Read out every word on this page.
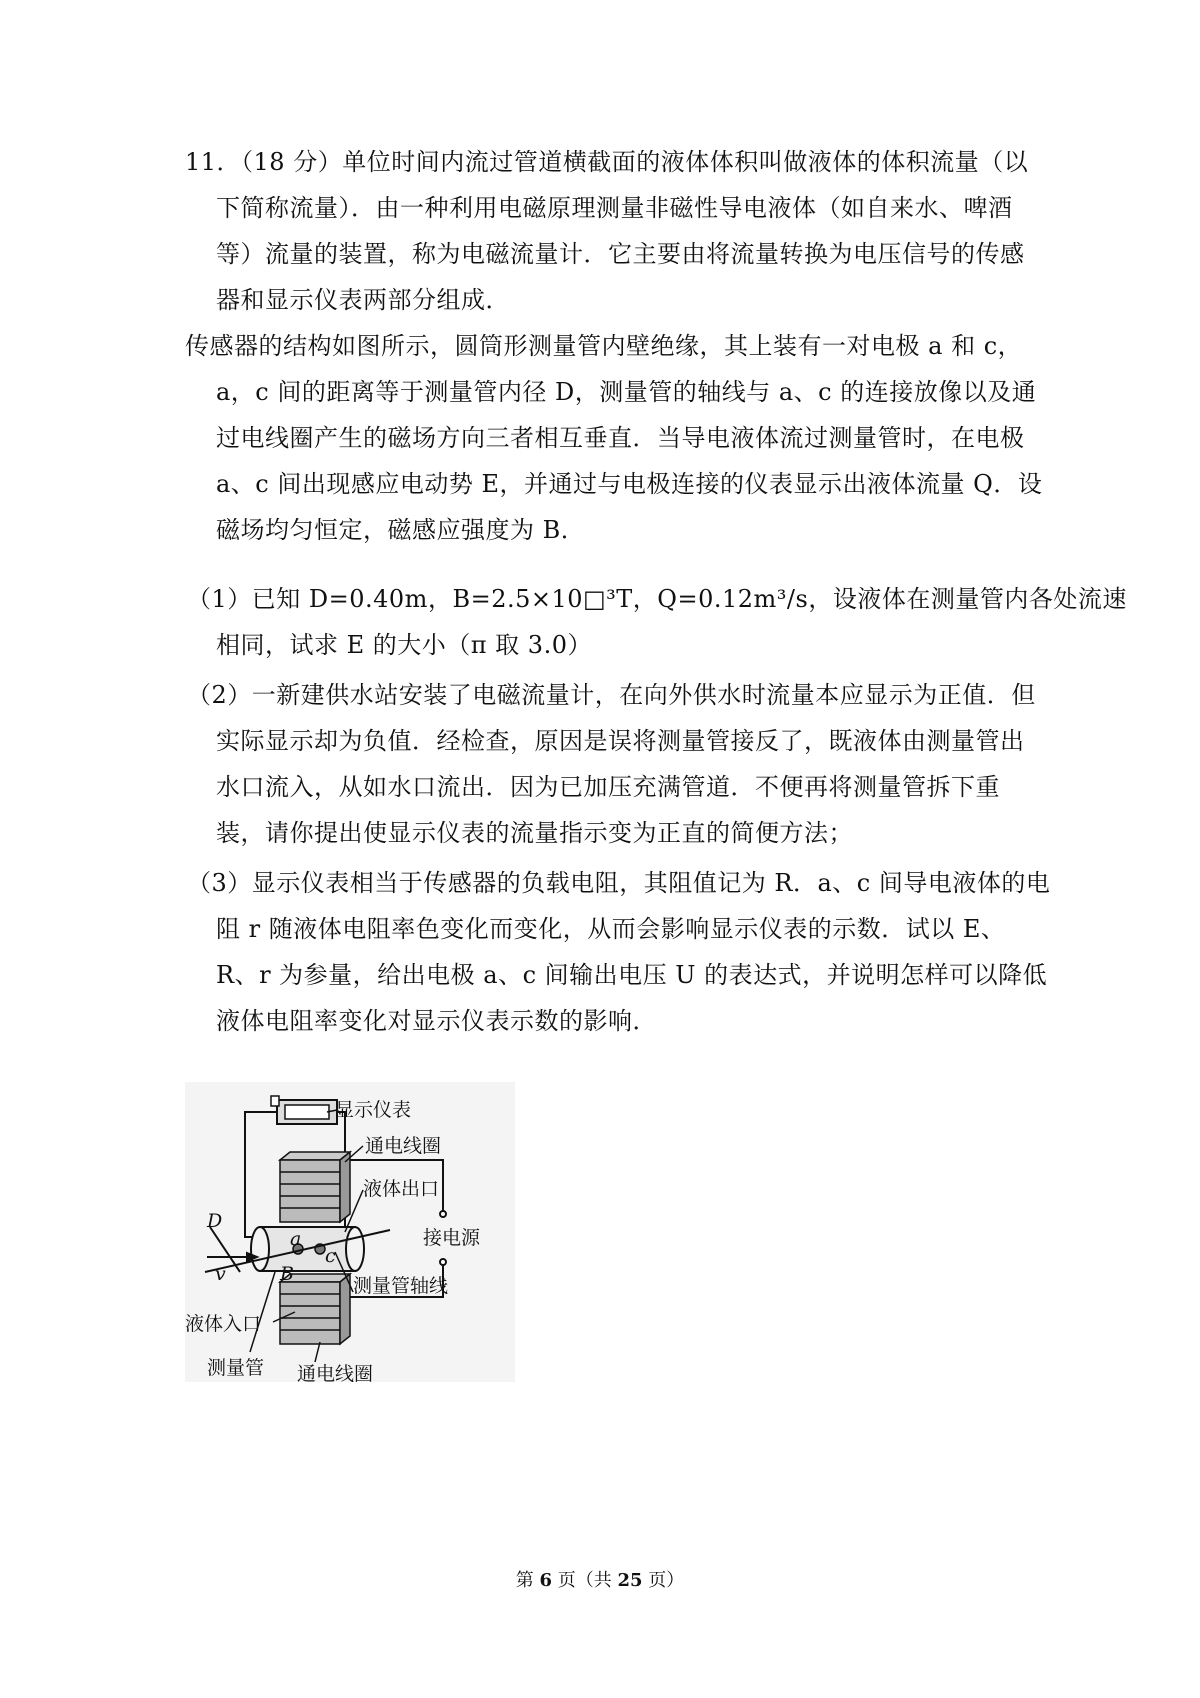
11．（18 分）单位时间内流过管道横截面的液体体积叫做液体的体积流量（以
下简称流量）．由一种利用电磁原理测量非磁性导电液体（如自来水、啤酒
等）流量的装置，称为电磁流量计．它主要由将流量转换为电压信号的传感
器和显示仪表两部分组成．
传感器的结构如图所示，圆筒形测量管内壁绝缘，其上装有一对电极 a 和 c，
a，c 间的距离等于测量管内径 D，测量管的轴线与 a、c 的连接放像以及通
过电线圈产生的磁场方向三者相互垂直．当导电液体流过测量管时，在电极
a、c 间出现感应电动势 E，并通过与电极连接的仪表显示出液体流量 Q．设
磁场均匀恒定，磁感应强度为 B．
（1）已知 D=0.40m，B=2.5×10□³T，Q=0.12m³/s，设液体在测量管内各处流速
相同，试求 E 的大小（π 取 3.0）
（2）一新建供水站安装了电磁流量计，在向外供水时流量本应显示为正值．但
实际显示却为负值．经检查，原因是误将测量管接反了，既液体由测量管出
水口流入，从如水口流出．因为已加压充满管道．不便再将测量管拆下重
装，请你提出使显示仪表的流量指示变为正直的简便方法；
（3）显示仪表相当于传感器的负载电阻，其阻值记为 R．a、c 间导电液体的电
阻 r 随液体电阻率色变化而变化，从而会影响显示仪表的示数．试以 E、
R、r 为参量，给出电极 a、c 间输出电压 U 的表达式，并说明怎样可以降低
液体电阻率变化对显示仪表示数的影响．
显示仪表
通电线圈
液体出口
接电源
测量管轴线
液体入口
测量管 通电线圈
D
v	B
a
c
第 6 页（共 25 页）
